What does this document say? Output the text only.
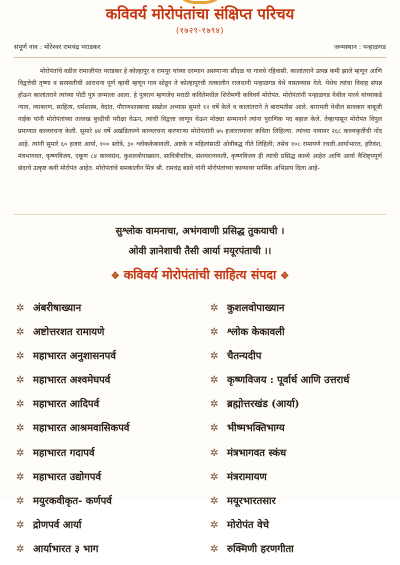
कविवर्य मोरोपंतांचा संक्षिप्त परिचय
(१७२९-१७९४)
संपूर्ण नाव : मोरेश्वर रामचंद्र पराडकर	जन्मस्थान : पन्हाळगड
मोरोपंतांचे वडील रामाजीपंत पराडकर हे कोल्हापूर व रामपूर यांच्या दरम्यान असणाऱ्या सौंदळ या गावचे रहिवासी. कालांतराने उत्पन्न कमी झाले म्हणून आणि विद्वत्तेची तृष्णा व सरस्वतीची आराधना पूर्ण व्हावी म्हणून गाव सोडून ते कोल्हापूरची तत्कालीन राजधानी पन्हाळगड येथे वास्तव्यास गेले. येथेच त्यांचा विवाह संपन्न होऊन कालांतराने त्यांच्या पोटी पुत्र जन्माला आला. हे पुत्ररत्न म्हणजेच मराठी कवितेमधील शिरोमणी कविवर्य मोरोपंत. मोरोपंतांनी पन्हाळगड येथील पाध्ये यांच्याकडे न्याय, व्याकरण, साहित्य, धर्मशास्त्र, वेदांत, पौराणशास्त्राचा सखोल अभ्यास सुमारे १२ वर्षे केले व कालांतराने ते बारामतीस आले. बारामती येथील सावकार बाबूजी नाईक यांनी मोरोपंतांच्या तल्लख बुध्दीची परीक्षा घेऊन, त्यांची विद्वत्ता जाणून घेऊन मोठ्या सन्मानाने त्यांना पुराणिक पद बहाल केले. तेव्हापासून मोरोपंत विपुल प्रमाणात काव्यरचना केली. सुमारे ४४ वर्षे अखंडितपणे काव्यरचना करणाऱ्या मोरोपंतांनी ७५ हजाराच्यावर कविता लिहिल्या. त्यांच्या नावावर २६८ काव्यकृतींची नोंद आहे. त्यांनी सुमारे ६० हजार आर्या, १०० स्तोत्रे, ३० श्लोककेकावली, अष्टके व महिलांसाठी ओवीबद्ध गीते लिहिली; तसेच १०८ रामायणे रचली.आर्याभारत, हरिवंश, मंत्रभागवत, कृष्णविजय, एकूण ८४ काव्यग्रंथ, कुशलवोपाख्यान, सावित्रीचरित्र, संशयरत्नावली, कृष्णविजय ही त्यांची प्रसिद्ध काव्ये आहेत आणि आर्या वैशिष्ट्यपूर्ण छंदाचे उत्कृष्ट कवी मोरोपंत आहेत. मोरोपंतांचे समकालीन मित्र श्री. रामचंद्र बडवे यांनी मोरोपंतांच्या काव्यावर मार्मिक अभिप्राय दिला आहे-
सुश्लोक वामनाचा, अभंगवाणी प्रसिद्ध तुकयाची ।
ओवी ज्ञानेशाची तैसी आर्या मयूरपंताची ।।
❖ कविवर्य मोरोपंतांची साहित्य संपदा ❖
✲ अंबरीषाख्यान
✲ अष्टोत्तरशत रामायणे
✲ महाभारत अनुशासनपर्व
✲ महाभारत अश्वमेघपर्व
✲ महाभारत आदिपर्व
✲ महाभारत आश्रमवासिकपर्व
✲ महाभारत गदापर्व
✲ महाभारत उद्योगपर्व
✲ मयुरकवीकृत- कर्णपर्व
✲ द्रोणपर्व आर्या
✲ आर्याभारत ३ भाग
✲ कुशलवोपाख्यान
✲ श्लोक केकावली
✲ चैतन्यदीप
✲ कृष्णविजय : पूर्वार्ध आणि उत्तरार्ध
✲ ब्रह्मोत्तरखंड (आर्या)
✲ भीष्मभक्तिभाग्य
✲ मंत्रभागवत स्कंध
✲ मंत्ररामायण
✲ मयूरभारतसार
✲ मोरोपंत वेचे
✲ रुक्मिणी हरणगीता
